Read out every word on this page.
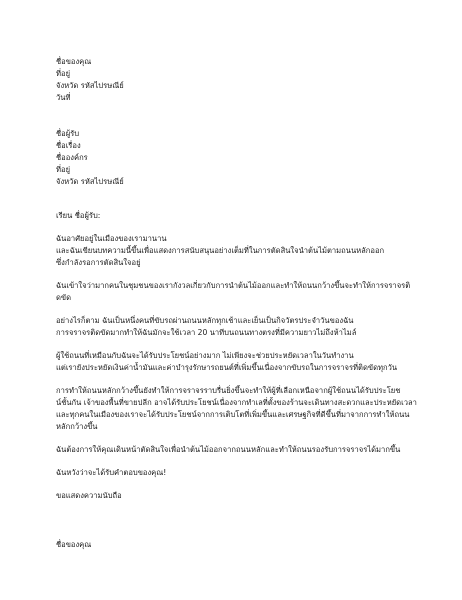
ชื่อของคุณ
ที่อยู่
จังหวัด รหัสไปรษณีย์
วันที่
ชื่อผู้รับ
ชื่อเรื่อง
ชื่อองค์กร
ที่อยู่
จังหวัด รหัสไปรษณีย์
เรียน ชื่อผู้รับ:
ฉันอาศัยอยู่ในเมืองของเรามานาน
และฉันเขียนบทความนี้ขึ้นเพื่อแสดงการสนับสนุนอย่างเต็มที่ในการตัดสินใจนำต้นไม้ตามถนนหลักออก
ซึ่งกำลังรอการตัดสินใจอยู่
ฉันเข้าใจว่ามากคนในชุมชนของเรากังวลเกี่ยวกับการนำต้นไม้ออกและทำให้ถนนกว้างขึ้นจะทำให้การจราจรติ
ดขัด
อย่างไรก็ตาม ฉันเป็นหนึ่งคนที่ขับรถผ่านถนนหลักทุกเช้าและเย็นเป็นกิจวัตรประจำวันของฉัน
การจราจรติดขัดมากทำให้ฉันมักจะใช้เวลา 20 นาทีบนถนนทางตรงที่มีความยาวไม่ถึงห้าไมล์
ผู้ใช้ถนนที่เหมือนกับฉันจะได้รับประโยชน์อย่างมาก ไม่เพียงจะช่วยประหยัดเวลาในวันทำงาน
แต่เรายังประหยัดเงินค่าน้ำมันและค่าบำรุงรักษารถยนต์ที่เพิ่มขึ้นเนื่องจากขับรถในการจราจรที่ติดขัดทุกวัน
การทำให้ถนนหลักกว้างขึ้นยังทำให้การจราจรราบรื่นยิ่งขึ้นจะทำให้ผู้ที่เลือกเหนือจากผู้ใช้ถนนได้รับประโยช
น์ชั้นกัน เจ้าของพื้นที่ขายปลีก อาจได้รับประโยชน์เนื่องจากทำเลที่ตั้งของร้านจะเดินทางสะดวกและประหยัดเวลา
และทุกคนในเมืองของเราจะได้รับประโยชน์จากการเติบโตที่เพิ่มขึ้นและเศรษฐกิจที่ดีขึ้นที่มาจากการทำให้ถนน
หลักกว้างขึ้น
ฉันต้องการให้คุณเดินหน้าตัดสินใจเพื่อนำต้นไม้ออกจากถนนหลักและทำให้ถนนรองรับการจราจรได้มากขึ้น
ฉันหวังว่าจะได้รับคำตอบของคุณ!
ขอแสดงความนับถือ
ชื่อของคุณ
